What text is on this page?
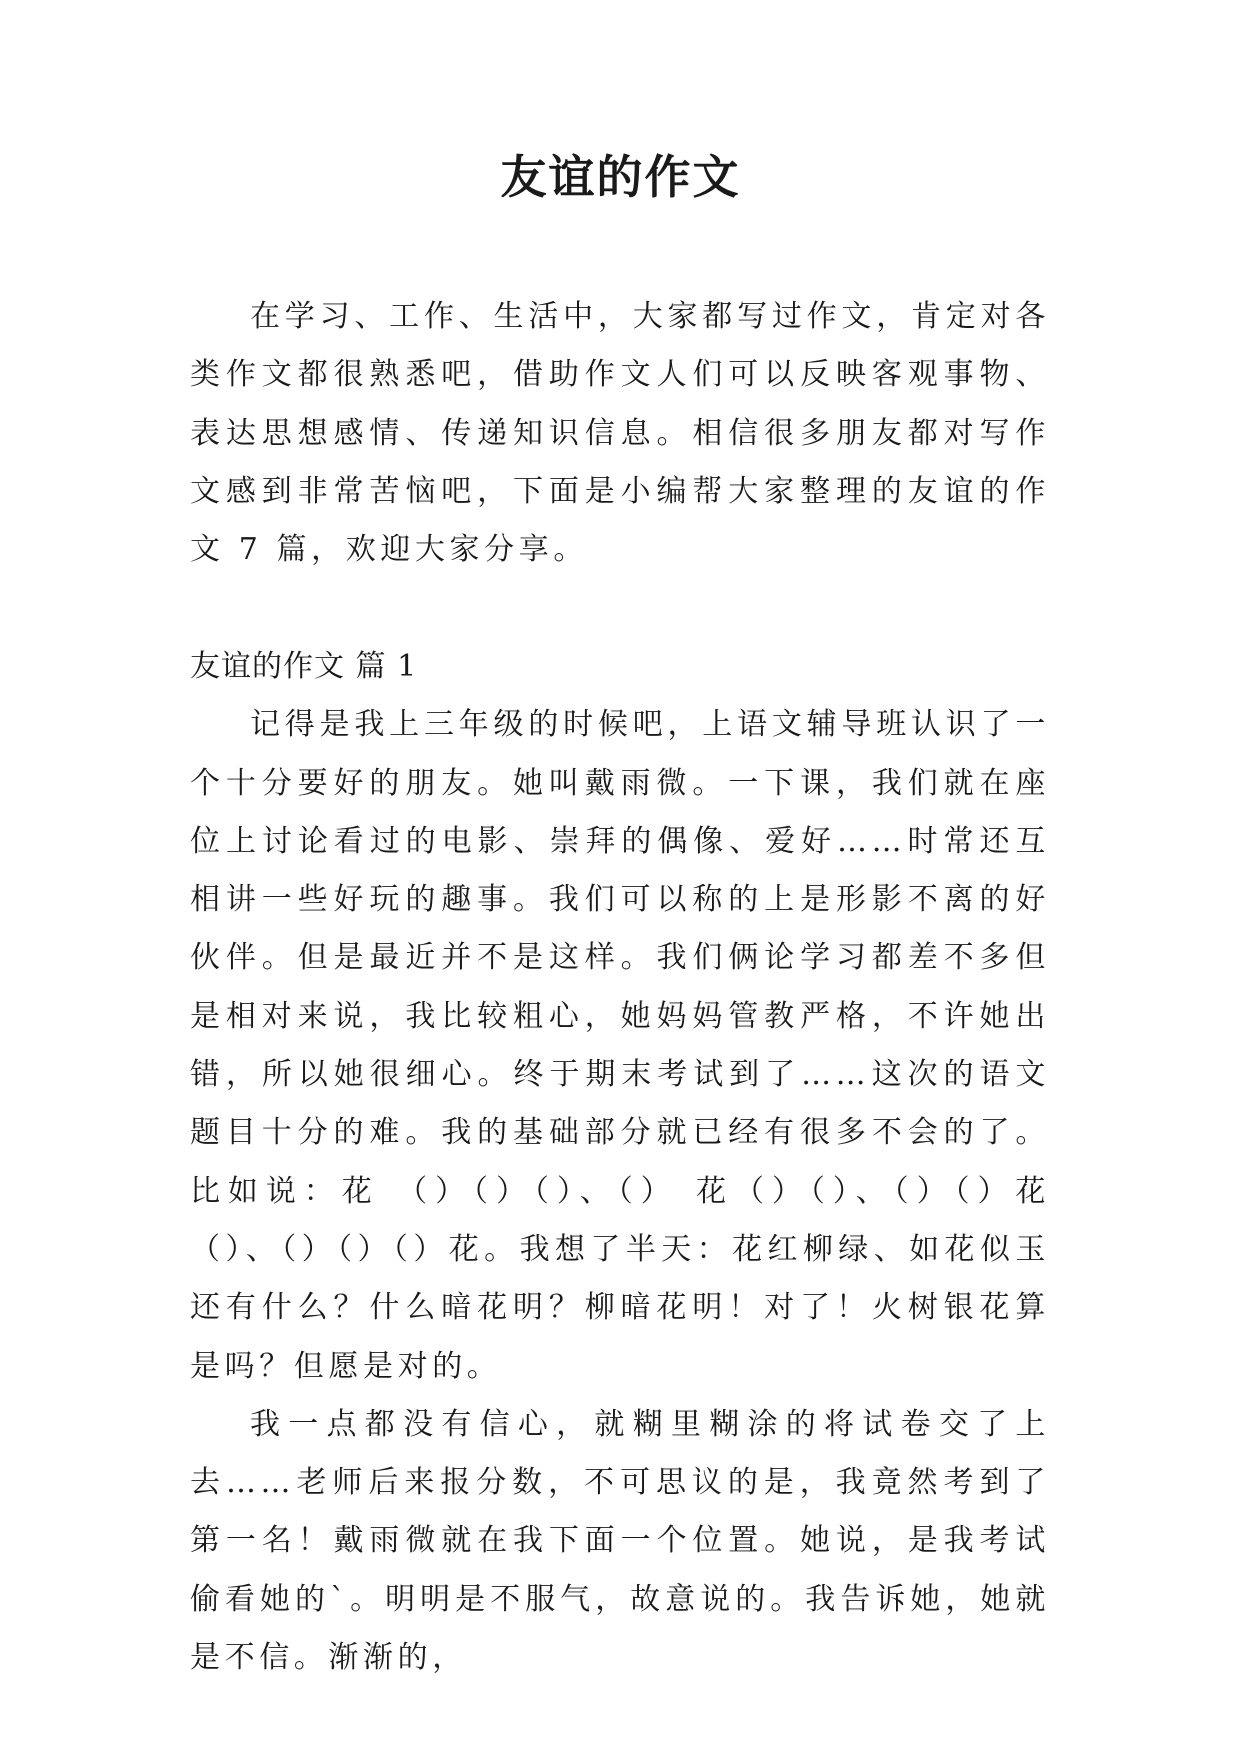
友谊的作文

在学习、工作、生活中，大家都写过作文，肯定对各类作文都很熟悉吧，借助作文人们可以反映客观事物、表达思想感情、传递知识信息。相信很多朋友都对写作文感到非常苦恼吧，下面是小编帮大家整理的友谊的作文 7 篇，欢迎大家分享。

友谊的作文 篇 1

记得是我上三年级的时候吧，上语文辅导班认识了一个十分要好的朋友。她叫戴雨微。一下课，我们就在座位上讨论看过的电影、崇拜的偶像、爱好……时常还互相讲一些好玩的趣事。我们可以称的上是形影不离的好伙伴。但是最近并不是这样。我们俩论学习都差不多但是相对来说，我比较粗心，她妈妈管教严格，不许她出错，所以她很细心。终于期末考试到了……这次的语文题目十分的难。我的基础部分就已经有很多不会的了。比如说：花 （）（）（）、（） 花（）（）、（）（）花（）、（）（）（）花。我想了半天：花红柳绿、如花似玉还有什么？什么暗花明？柳暗花明！对了！火树银花算是吗？但愿是对的。

我一点都没有信心，就糊里糊涂的将试卷交了上去……老师后来报分数，不可思议的是，我竟然考到了第一名！戴雨微就在我下面一个位置。她说，是我考试偷看她的`。明明是不服气，故意说的。我告诉她，她就是不信。渐渐的，
